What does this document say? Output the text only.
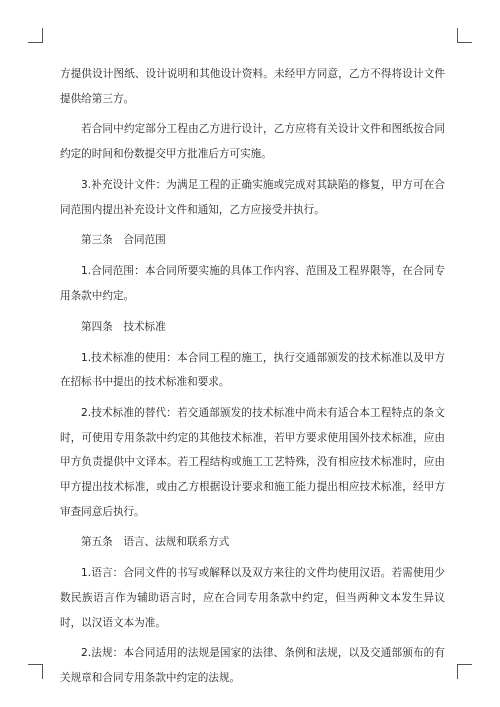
方提供设计图纸、设计说明和其他设计资料。未经甲方同意，乙方不得将设计文件提供给第三方。

若合同中约定部分工程由乙方进行设计，乙方应将有关设计文件和图纸按合同约定的时间和份数提交甲方批准后方可实施。

3.补充设计文件：为满足工程的正确实施或完成对其缺陷的修复，甲方可在合同范围内提出补充设计文件和通知，乙方应接受并执行。

第三条　合同范围

1.合同范围：本合同所要实施的具体工作内容、范围及工程界限等，在合同专用条款中约定。

第四条　技术标准

1.技术标准的使用：本合同工程的施工，执行交通部颁发的技术标准以及甲方在招标书中提出的技术标准和要求。

2.技术标准的替代：若交通部颁发的技术标准中尚未有适合本工程特点的条文时，可使用专用条款中约定的其他技术标准，若甲方要求使用国外技术标准，应由甲方负责提供中文译本。若工程结构或施工工艺特殊，没有相应技术标准时，应由甲方提出技术标准，或由乙方根据设计要求和施工能力提出相应技术标准，经甲方审查同意后执行。

第五条　语言、法规和联系方式

1.语言：合同文件的书写或解释以及双方来往的文件均使用汉语。若需使用少数民族语言作为辅助语言时，应在合同专用条款中约定，但当两种文本发生异议时，以汉语文本为准。

2.法规：本合同适用的法规是国家的法律、条例和法规，以及交通部颁布的有关规章和合同专用条款中约定的法规。
